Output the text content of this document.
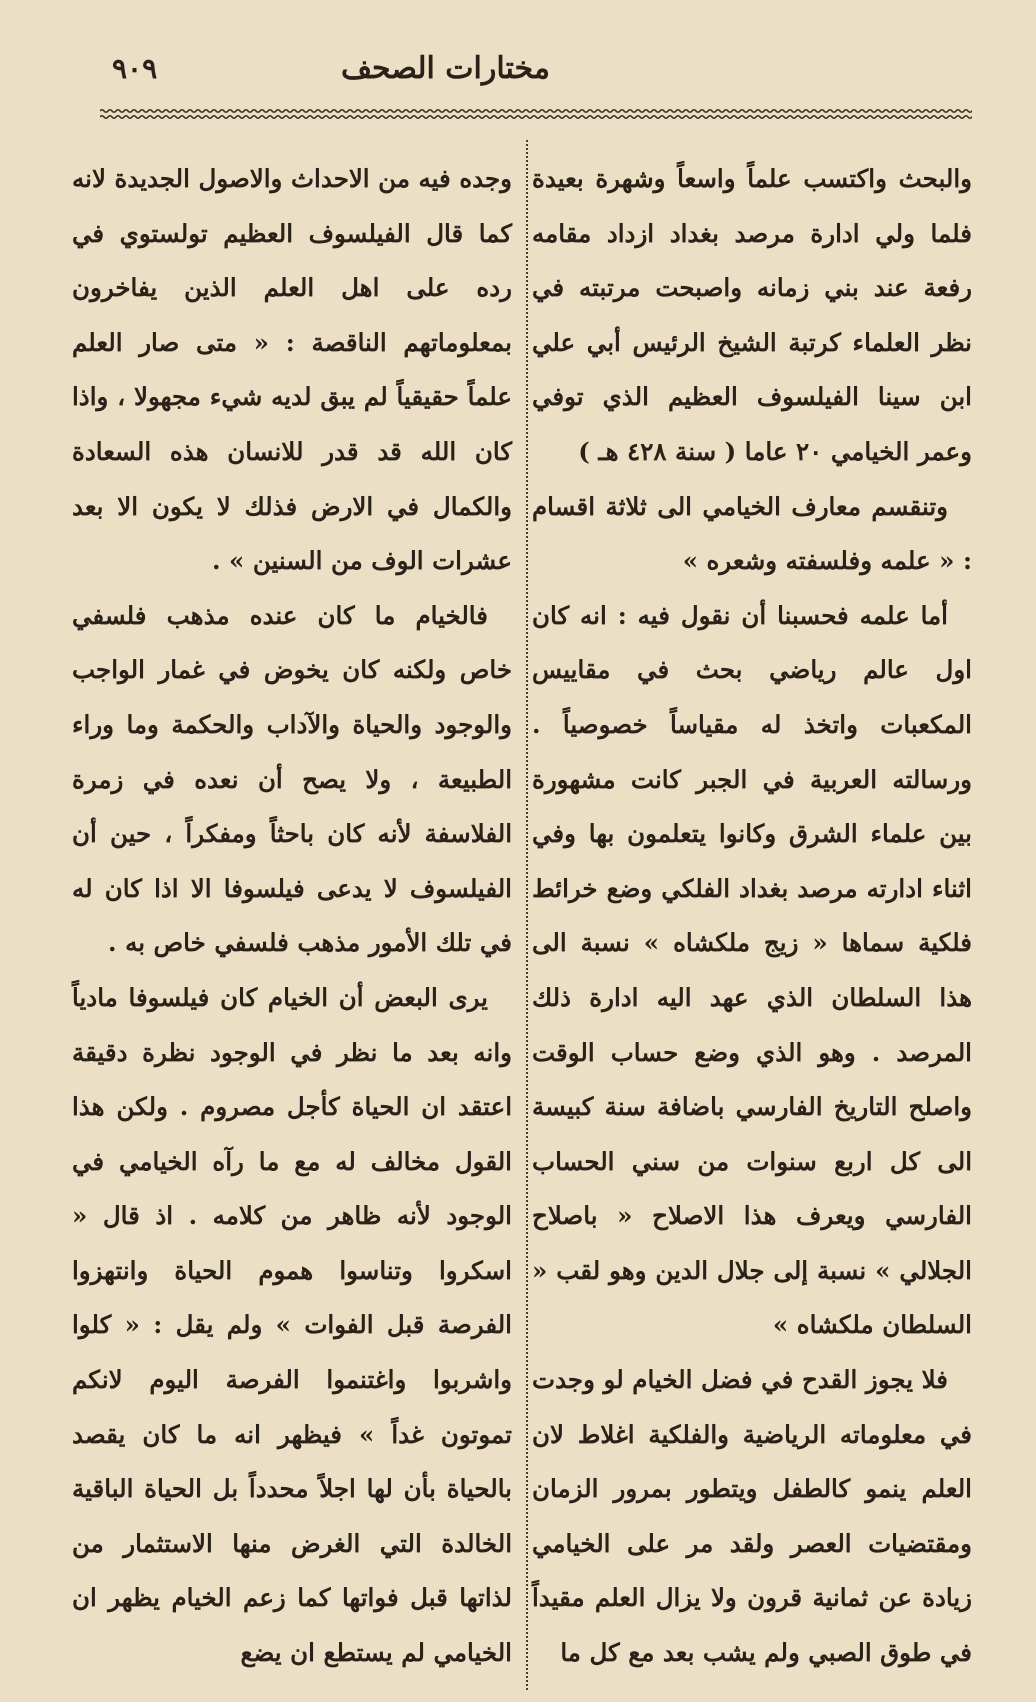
مختارات الصحف
٩٠٩

والبحث واكتسب علماً واسعاً وشهرة بعيدة فلما ولي ادارة مرصد بغداد ازداد مقامه رفعة عند بني زمانه واصبحت مرتبته في نظر العلماء كرتبة الشيخ الرئيس أبي علي ابن سينا الفيلسوف العظيم الذي توفي وعمر الخيامي ٢٠ عاما ( سنة ٤٢٨ هـ )

وتنقسم معارف الخيامي الى ثلاثة اقسام : « علمه وفلسفته وشعره »

أما علمه فحسبنا أن نقول فيه : انه كان اول عالم رياضي بحث في مقاييس المكعبات واتخذ له مقياساً خصوصياً . ورسالته العربية في الجبر كانت مشهورة بين علماء الشرق وكانوا يتعلمون بها وفي اثناء ادارته مرصد بغداد الفلكي وضع خرائط فلكية سماها « زيج ملكشاه » نسبة الى هذا السلطان الذي عهد اليه ادارة ذلك المرصد . وهو الذي وضع حساب الوقت واصلح التاريخ الفارسي باضافة سنة كبيسة الى كل اربع سنوات من سني الحساب الفارسي ويعرف هذا الاصلاح « باصلاح الجلالي » نسبة إلى جلال الدين وهو لقب « السلطان ملكشاه »

فلا يجوز القدح في فضل الخيام لو وجدت في معلوماته الرياضية والفلكية اغلاط لان العلم ينمو كالطفل ويتطور بمرور الزمان ومقتضيات العصر ولقد مر على الخيامي زيادة عن ثمانية قرون ولا يزال العلم مقيداً في طوق الصبي ولم يشب بعد مع كل ما

وجده فيه من الاحداث والاصول الجديدة لانه كما قال الفيلسوف العظيم تولستوي في رده على اهل العلم الذين يفاخرون بمعلوماتهم الناقصة : « متى صار العلم علماً حقيقياً لم يبق لديه شيء مجهولا ، واذا كان الله قد قدر للانسان هذه السعادة والكمال في الارض فذلك لا يكون الا بعد عشرات الوف من السنين » .

فالخيام ما كان عنده مذهب فلسفي خاص ولكنه كان يخوض في غمار الواجب والوجود والحياة والآداب والحكمة وما وراء الطبيعة ، ولا يصح أن نعده في زمرة الفلاسفة لأنه كان باحثاً ومفكراً ، حين أن الفيلسوف لا يدعى فيلسوفا الا اذا كان له في تلك الأمور مذهب فلسفي خاص به .

يرى البعض أن الخيام كان فيلسوفا مادياً وانه بعد ما نظر في الوجود نظرة دقيقة اعتقد ان الحياة كأجل مصروم . ولكن هذا القول مخالف له مع ما رآه الخيامي في الوجود لأنه ظاهر من كلامه . اذ قال « اسكروا وتناسوا هموم الحياة وانتهزوا الفرصة قبل الفوات » ولم يقل : « كلوا واشربوا واغتنموا الفرصة اليوم لانكم تموتون غداً » فيظهر انه ما كان يقصد بالحياة بأن لها اجلاً محدداً بل الحياة الباقية الخالدة التي الغرض منها الاستثمار من لذاتها قبل فواتها كما زعم الخيام يظهر ان الخيامي لم يستطع ان يضع
